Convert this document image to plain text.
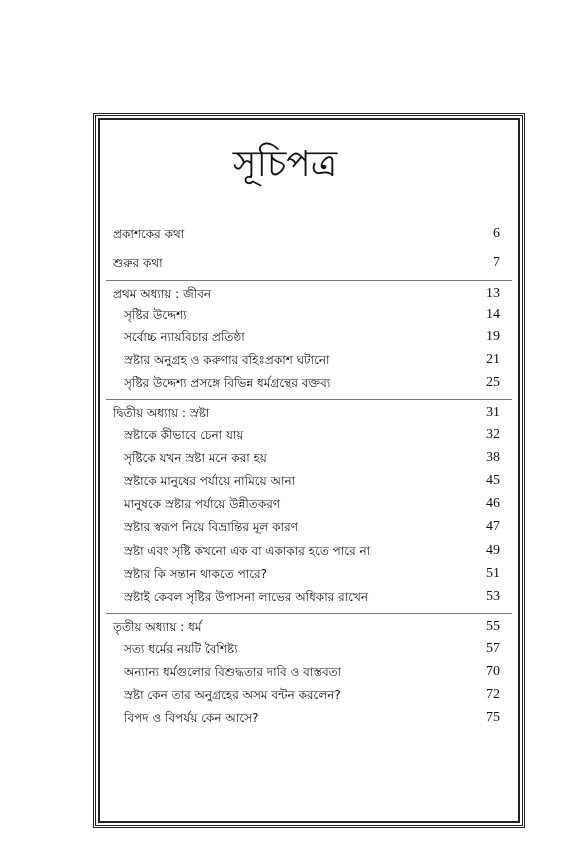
সূচিপত্র
প্রকাশকের কথা	6
শুরুর কথা	7
প্রথম অধ্যায় : জীবন	13
সৃষ্টির উদ্দেশ্য	14
সর্বোচ্চ ন্যায়বিচার প্রতিষ্ঠা	19
স্রষ্টার অনুগ্রহ ও করুণার বহিঃপ্রকাশ ঘটানো	21
সৃষ্টির উদ্দেশ্য প্রসঙ্গে বিভিন্ন ধর্মগ্রন্থের বক্তব্য	25
দ্বিতীয় অধ্যায় : স্রষ্টা	31
স্রষ্টাকে কীভাবে চেনা যায়	32
সৃষ্টিকে যখন স্রষ্টা মনে করা হয়	38
স্রষ্টাকে মানুষের পর্যায়ে নামিয়ে আনা	45
মানুষকে স্রষ্টার পর্যায়ে উন্নীতকরণ	46
স্রষ্টার স্বরূপ নিয়ে বিভ্রান্তির মূল কারণ	47
স্রষ্টা এবং সৃষ্টি কখনো এক বা একাকার হতে পারে না	49
স্রষ্টার কি সন্তান থাকতে পারে?	51
স্রষ্টাই কেবল সৃষ্টির উপাসনা লাভের অধিকার রাখেন	53
তৃতীয় অধ্যায় : ধর্ম	55
সত্য ধর্মের নয়টি বৈশিষ্ট্য	57
অন্যান্য ধর্মগুলোর বিশুদ্ধতার দাবি ও বাস্তবতা	70
স্রষ্টা কেন তার অনুগ্রহের অসম বন্টন করলেন?	72
বিপদ ও বিপর্যয় কেন আসে?	75
